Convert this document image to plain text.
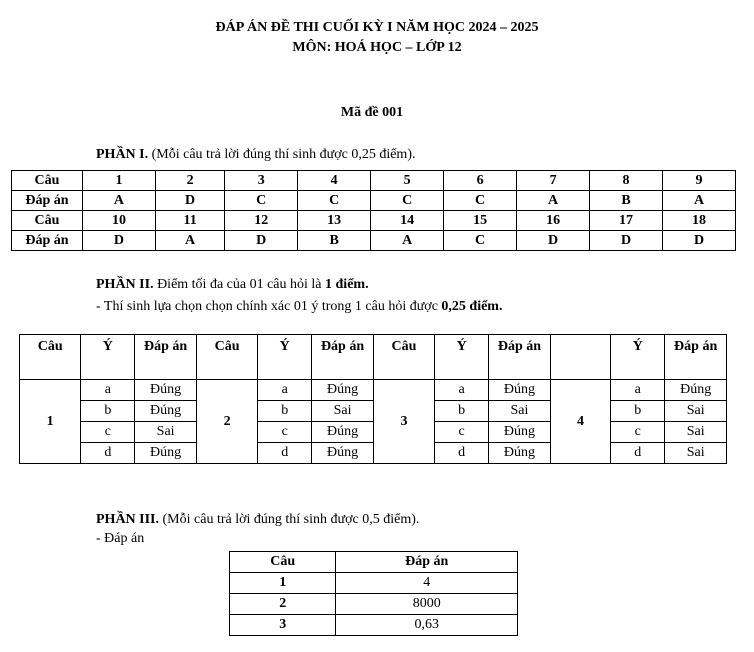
ĐÁP ÁN ĐỀ THI CUỐI KỲ I NĂM HỌC 2024 – 2025
MÔN: HOÁ HỌC – LỚP 12
Mã đề 001
PHẦN I. (Mỗi câu trả lời đúng thí sinh được 0,25 điểm).
Câu	1	2	3	4	5	6	7	8	9
Đáp án	A	D	C	C	C	C	A	B	A
Câu	10	11	12	13	14	15	16	17	18
Đáp án	D	A	D	B	A	C	D	D	D
PHẦN II. Điểm tối đa của 01 câu hỏi là 1 điểm.
- Thí sinh lựa chọn chọn chính xác 01 ý trong 1 câu hỏi được 0,25 điểm.
Câu	Ý	Đáp án	Câu	Ý	Đáp án	Câu	Ý	Đáp án		Ý	Đáp án
1	a	Đúng	2	a	Đúng	3	a	Đúng	4	a	Đúng
	b	Đúng		b	Sai		b	Sai		b	Sai
	c	Sai		c	Đúng		c	Đúng		c	Sai
	d	Đúng		d	Đúng		d	Đúng		d	Sai
PHẦN III. (Mỗi câu trả lời đúng thí sinh được 0,5 điểm).
- Đáp án
Câu	Đáp án
1	4
2	8000
3	0,63
